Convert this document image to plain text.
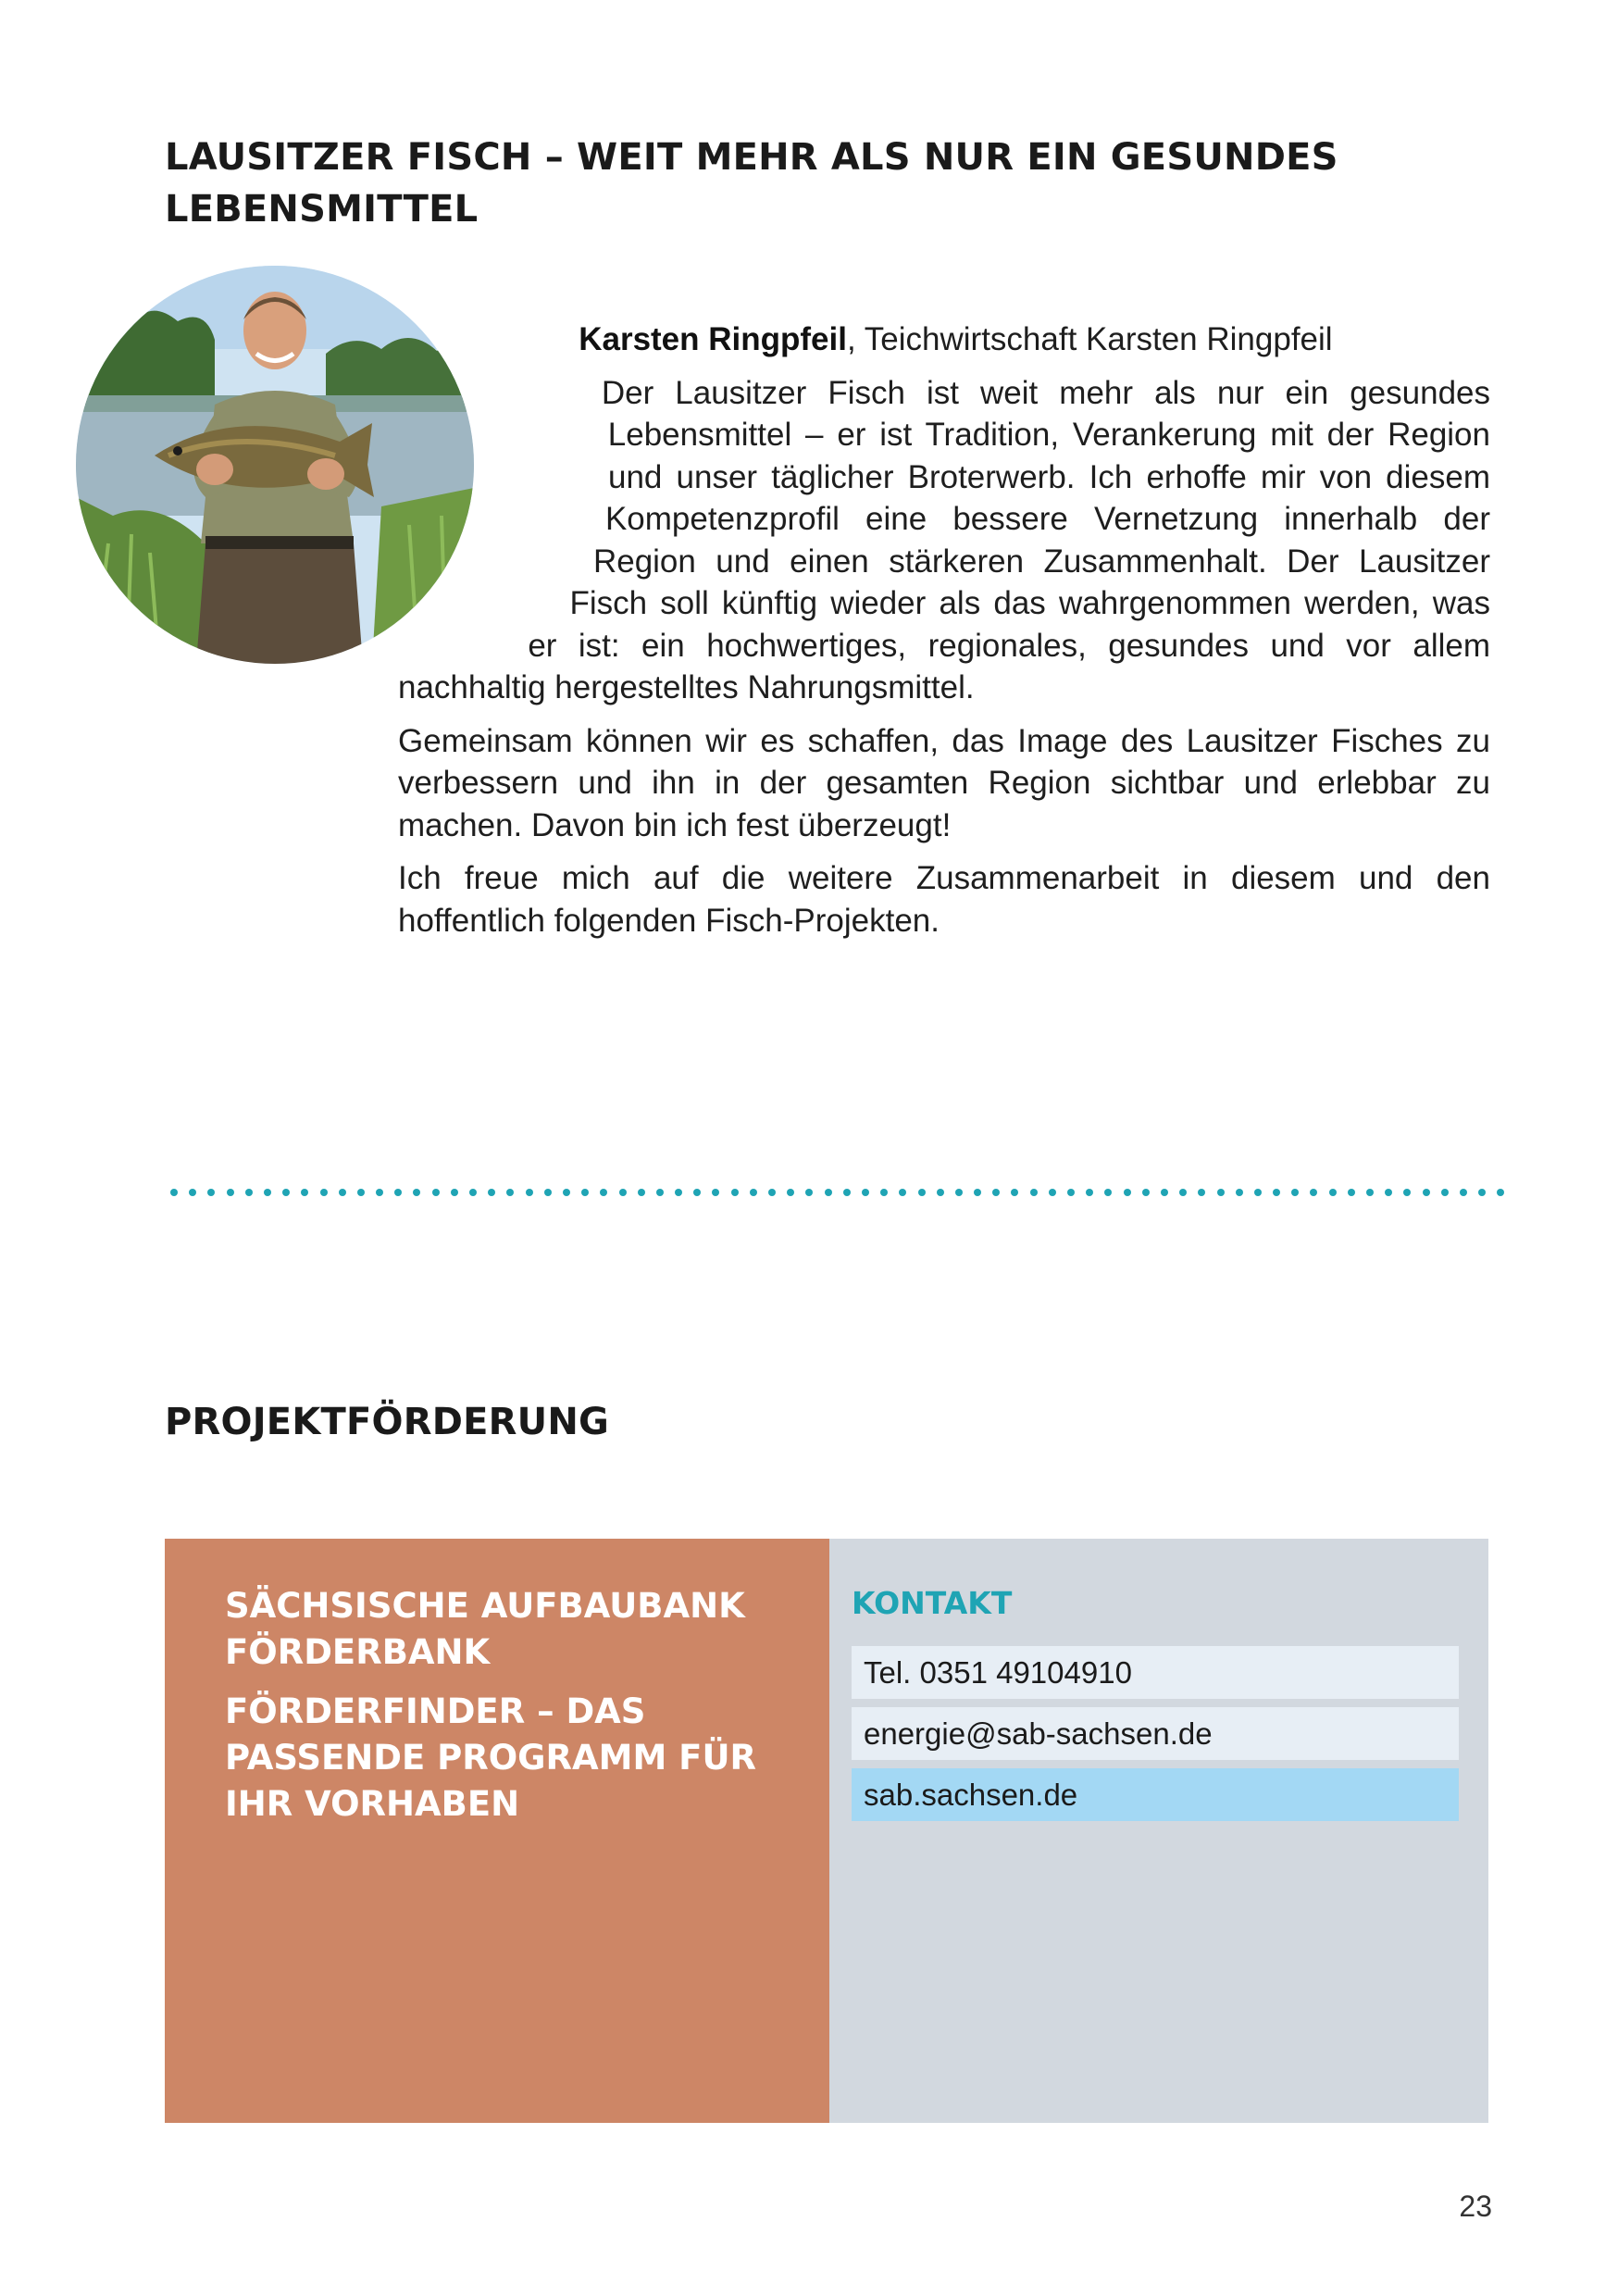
LAUSITZER FISCH – WEIT MEHR ALS NUR EIN GESUNDES LEBENSMITTEL

Karsten Ringpfeil, Teichwirtschaft Karsten Ringpfeil

Der Lausitzer Fisch ist weit mehr als nur ein gesundes Lebensmittel – er ist Tradition, Verankerung mit der Region und unser täglicher Broterwerb. Ich erhoffe mir von diesem Kompetenzprofil eine bessere Vernetzung innerhalb der Region und einen stärkeren Zusammenhalt. Der Lausitzer Fisch soll künftig wieder als das wahrgenommen werden, was er ist: ein hochwertiges, regionales, gesundes und vor allem nachhaltig hergestelltes Nahrungsmittel.

Gemeinsam können wir es schaffen, das Image des Lausitzer Fisches zu verbessern und ihn in der gesamten Region sichtbar und erlebbar zu machen. Davon bin ich fest überzeugt!

Ich freue mich auf die weitere Zusammenarbeit in diesem und den hoffentlich folgenden Fisch-Projekten.

PROJEKTFÖRDERUNG

SÄCHSISCHE AUFBAUBANK FÖRDERBANK

FÖRDERFINDER – DAS PASSENDE PROGRAMM FÜR IHR VORHABEN

KONTAKT

Tel. 0351 49104910
energie@sab-sachsen.de
sab.sachsen.de
23
